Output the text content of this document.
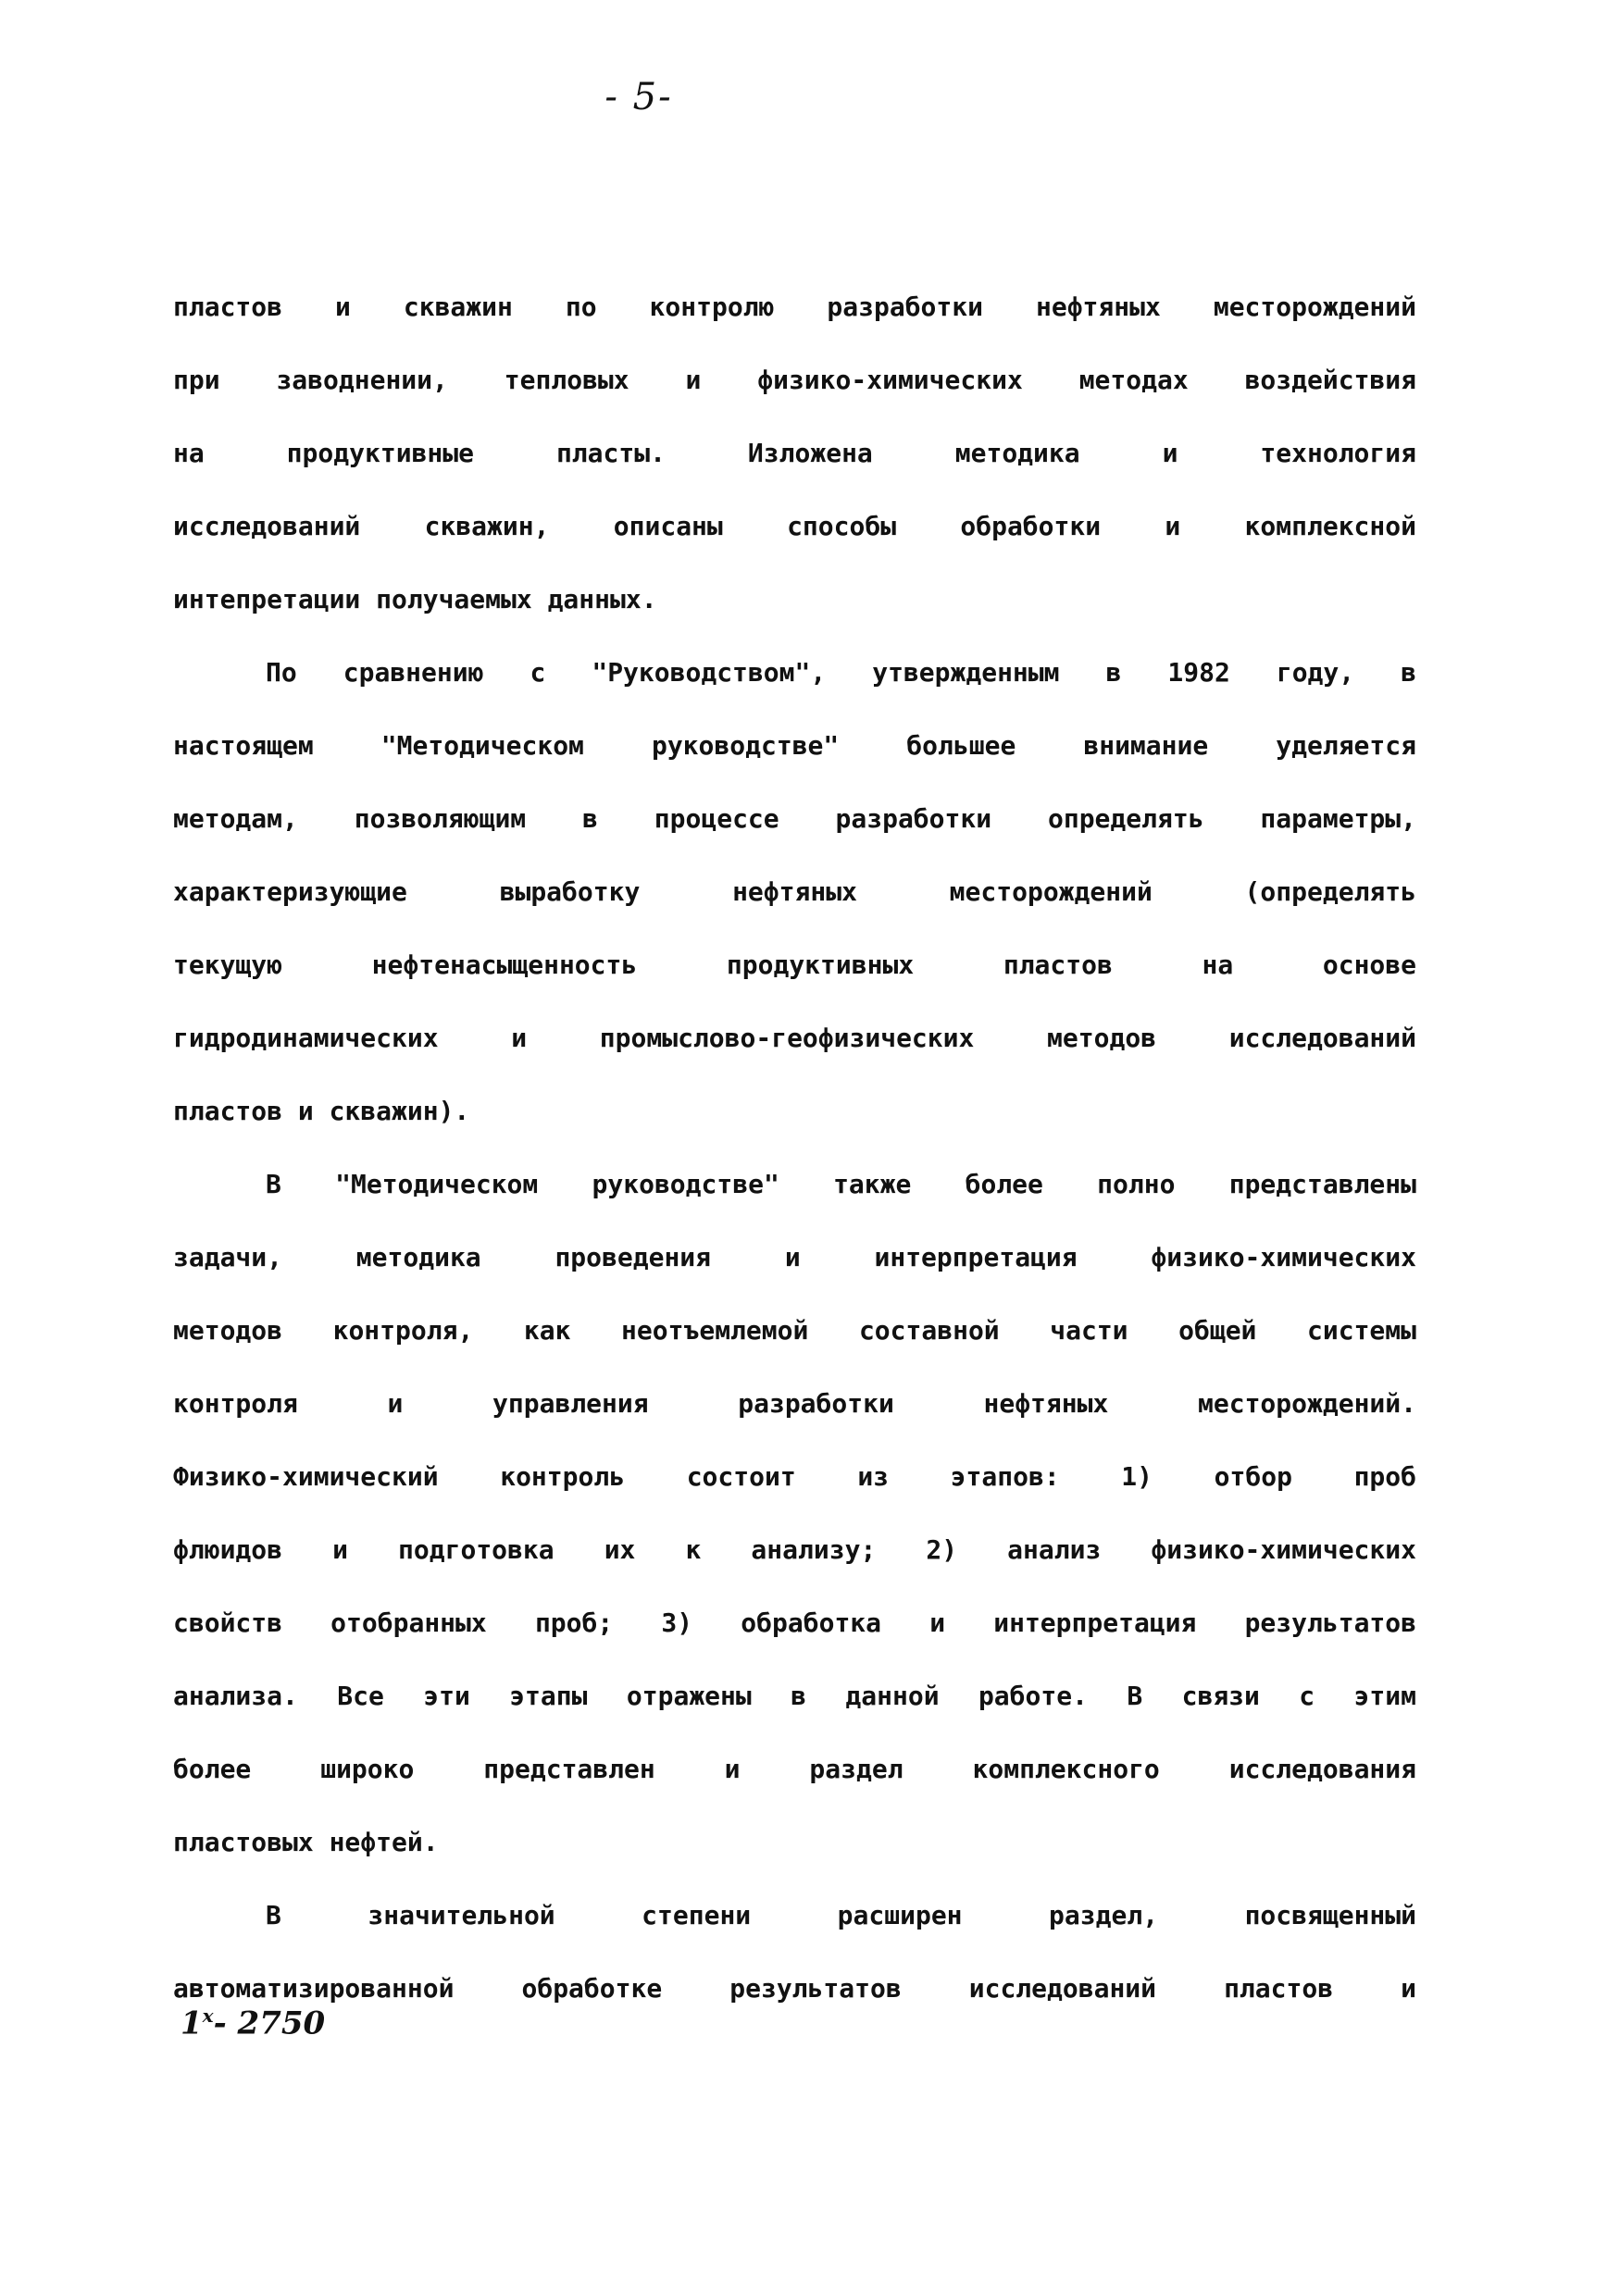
- 5-
пластов и скважин по контролю разработки нефтяных месторождений
при заводнении, тепловых и физико-химических методах воздействия
на продуктивные пласты. Изложена методика и технология
исследований скважин, описаны способы обработки и комплексной
интепретации получаемых данных.
По сравнению с "Руководством", утвержденным в 1982 году, в
настоящем "Методическом руководстве" большее внимание уделяется
методам, позволяющим в процессе разработки определять параметры,
характеризующие выработку нефтяных месторождений (определять
текущую нефтенасыщенность продуктивных пластов на основе
гидродинамических и промыслово-геофизических методов исследований
пластов и скважин).
В "Методическом руководстве" также более полно представлены
задачи, методика проведения и интерпретация физико-химических
методов контроля, как неотъемлемой составной части общей системы
контроля и управления разработки нефтяных месторождений.
Физико-химический контроль состоит из этапов: 1) отбор проб
флюидов и подготовка их к анализу; 2) анализ физико-химических
свойств отобранных проб; 3) обработка и интерпретация результатов
анализа. Все эти этапы отражены в данной работе. В связи с этим
более широко представлен и раздел комплексного исследования
пластовых нефтей.
В значительной степени расширен раздел, посвященный
автоматизированной обработке результатов исследований пластов и
1$^x$- 2750
